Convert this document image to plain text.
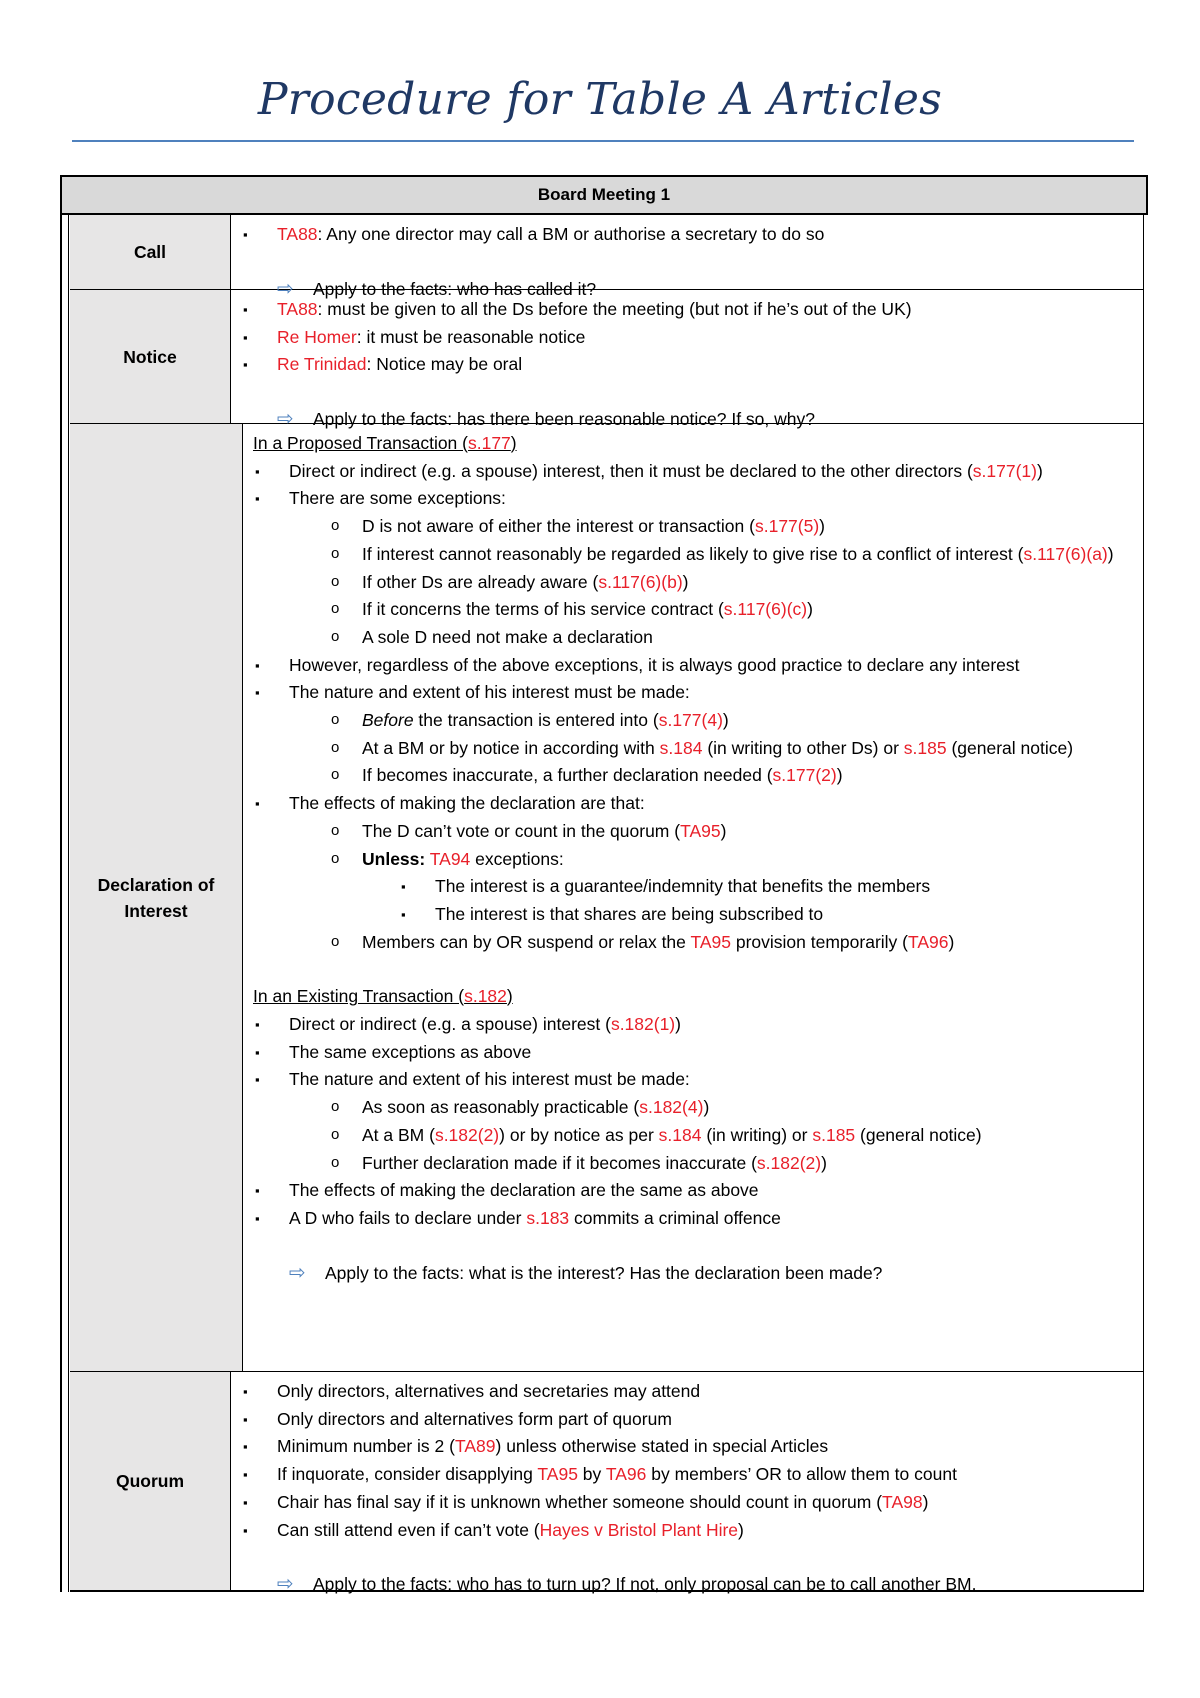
Procedure for Table A Articles
Board Meeting 1
Call
▪ TA88: Any one director may call a BM or authorise a secretary to do so
⇨ Apply to the facts: who has called it?
Notice
▪ TA88: must be given to all the Ds before the meeting (but not if he’s out of the UK)
▪ Re Homer: it must be reasonable notice
▪ Re Trinidad: Notice may be oral
⇨ Apply to the facts: has there been reasonable notice? If so, why?
Declaration of Interest
In a Proposed Transaction (s.177)
▪ Direct or indirect (e.g. a spouse) interest, then it must be declared to the other directors (s.177(1))
▪ There are some exceptions:
o D is not aware of either the interest or transaction (s.177(5))
o If interest cannot reasonably be regarded as likely to give rise to a conflict of interest (s.117(6)(a))
o If other Ds are already aware (s.117(6)(b))
o If it concerns the terms of his service contract (s.117(6)(c))
o A sole D need not make a declaration
▪ However, regardless of the above exceptions, it is always good practice to declare any interest
▪ The nature and extent of his interest must be made:
o Before the transaction is entered into (s.177(4))
o At a BM or by notice in according with s.184 (in writing to other Ds) or s.185 (general notice)
o If becomes inaccurate, a further declaration needed (s.177(2))
▪ The effects of making the declaration are that:
o The D can’t vote or count in the quorum (TA95)
o Unless: TA94 exceptions:
▪ The interest is a guarantee/indemnity that benefits the members
▪ The interest is that shares are being subscribed to
o Members can by OR suspend or relax the TA95 provision temporarily (TA96)
In an Existing Transaction (s.182)
▪ Direct or indirect (e.g. a spouse) interest (s.182(1))
▪ The same exceptions as above
▪ The nature and extent of his interest must be made:
o As soon as reasonably practicable (s.182(4))
o At a BM (s.182(2)) or by notice as per s.184 (in writing) or s.185 (general notice)
o Further declaration made if it becomes inaccurate (s.182(2))
▪ The effects of making the declaration are the same as above
▪ A D who fails to declare under s.183 commits a criminal offence
⇨ Apply to the facts: what is the interest? Has the declaration been made?
Quorum
▪ Only directors, alternatives and secretaries may attend
▪ Only directors and alternatives form part of quorum
▪ Minimum number is 2 (TA89) unless otherwise stated in special Articles
▪ If inquorate, consider disapplying TA95 by TA96 by members’ OR to allow them to count
▪ Chair has final say if it is unknown whether someone should count in quorum (TA98)
▪ Can still attend even if can’t vote (Hayes v Bristol Plant Hire)
⇨ Apply to the facts: who has to turn up? If not, only proposal can be to call another BM.
